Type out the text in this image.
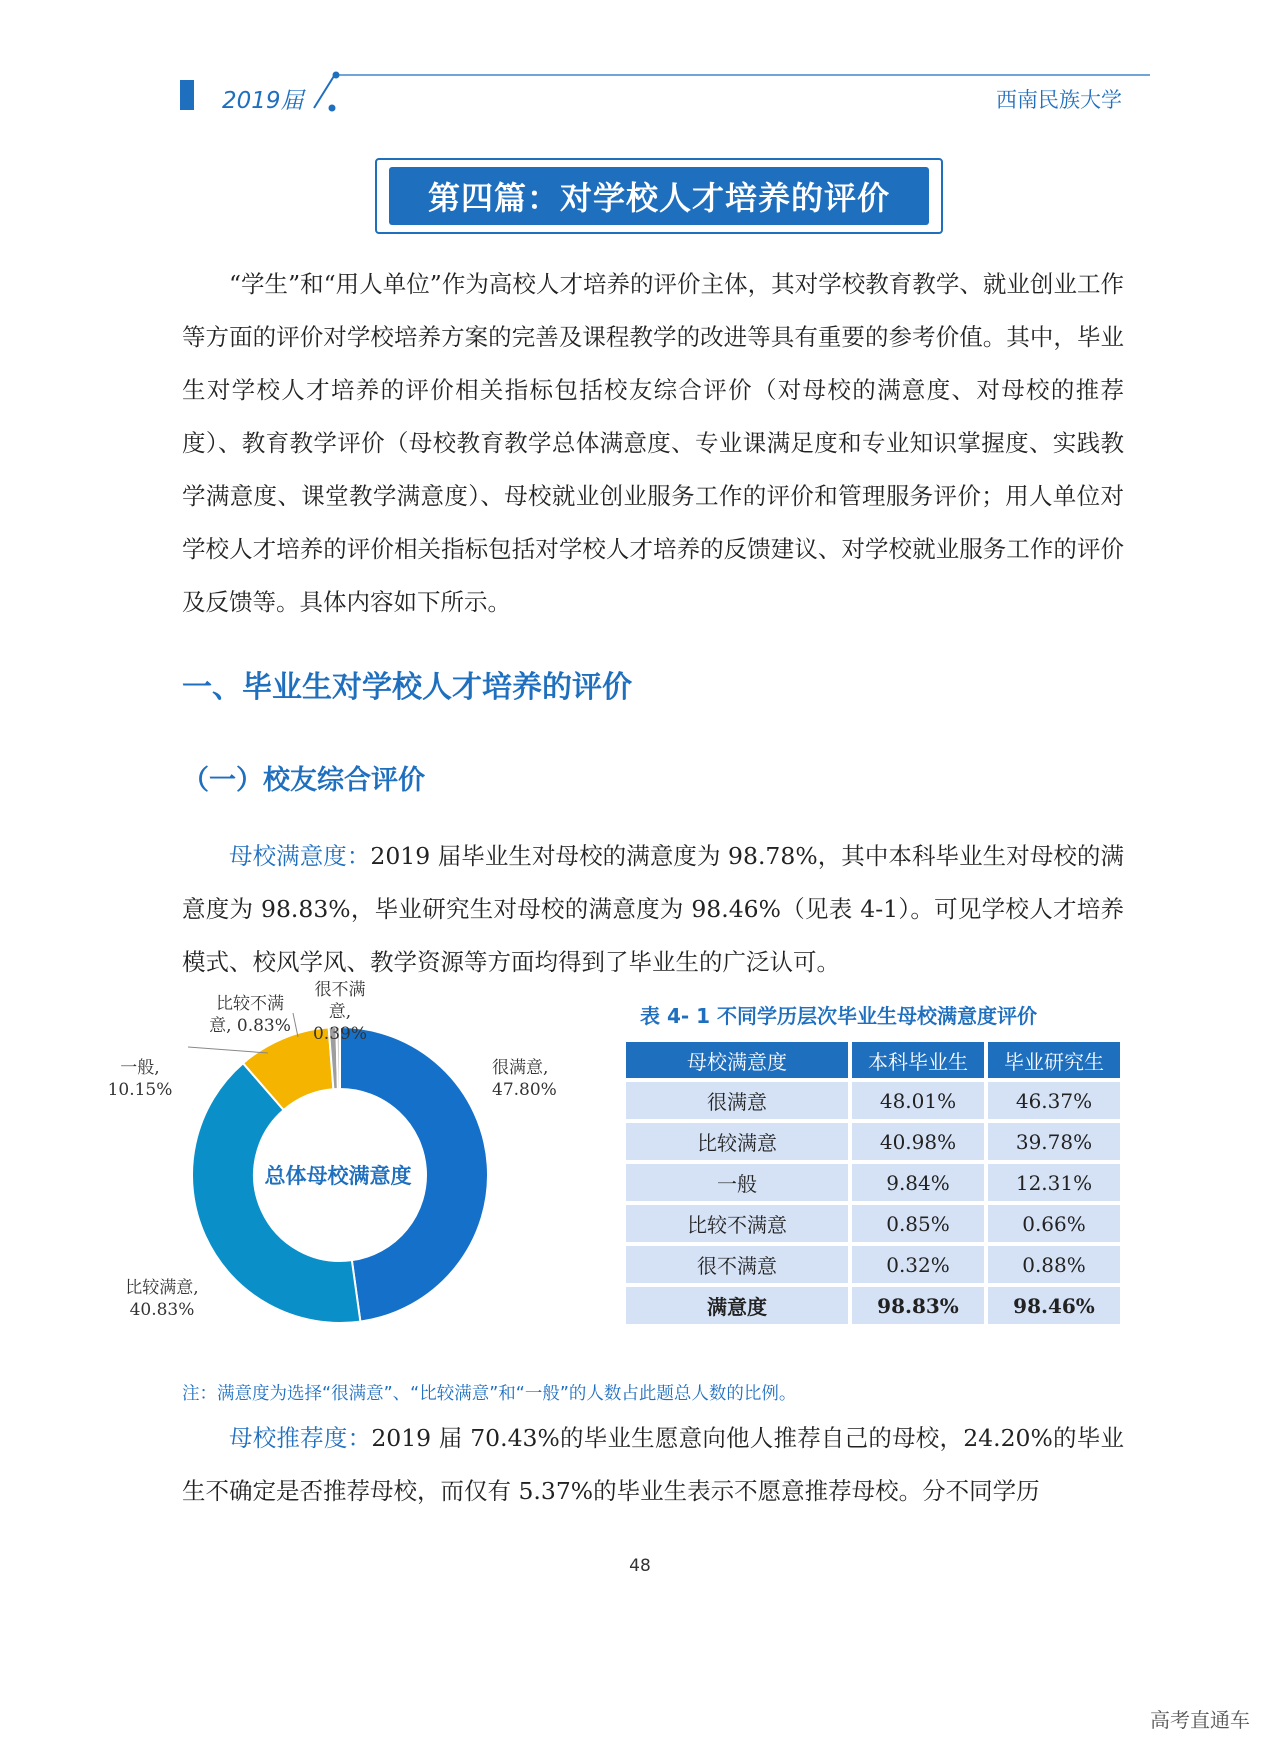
2019届	西南民族大学
第四篇：对学校人才培养的评价

“学生”和“用人单位”作为高校人才培养的评价主体，其对学校教育教学、就业创业工作等方面的评价对学校培养方案的完善及课程教学的改进等具有重要的参考价值。其中，毕业生对学校人才培养的评价相关指标包括校友综合评价（对母校的满意度、对母校的推荐度）、教育教学评价（母校教育教学总体满意度、专业课满足度和专业知识掌握度、实践教学满意度、课堂教学满意度）、母校就业创业服务工作的评价和管理服务评价；用人单位对学校人才培养的评价相关指标包括对学校人才培养的反馈建议、对学校就业服务工作的评价及反馈等。具体内容如下所示。

一、毕业生对学校人才培养的评价
（一）校友综合评价

母校满意度：2019 届毕业生对母校的满意度为 98.78%，其中本科毕业生对母校的满意度为 98.83%，毕业研究生对母校的满意度为 98.46%（见表 4-1）。可见学校人才培养模式、校风学风、教学资源等方面均得到了毕业生的广泛认可。

很满意, 47.80%
比较满意, 40.83%
一般, 10.15%
比较不满意, 0.83%
很不满意, 0.39%
总体母校满意度
表 4- 1 不同学历层次毕业生母校满意度评价
母校满意度	本科毕业生	毕业研究生
很满意	48.01%	46.37%
比较满意	40.98%	39.78%
一般	9.84%	12.31%
比较不满意	0.85%	0.66%
很不满意	0.32%	0.88%
满意度	98.83%	98.46%
注：满意度为选择“很满意”、“比较满意”和“一般”的人数占此题总人数的比例。

母校推荐度：2019 届 70.43%的毕业生愿意向他人推荐自己的母校，24.20%的毕业生不确定是否推荐母校，而仅有 5.37%的毕业生表示不愿意推荐母校。分不同学历

48
高考直通车
